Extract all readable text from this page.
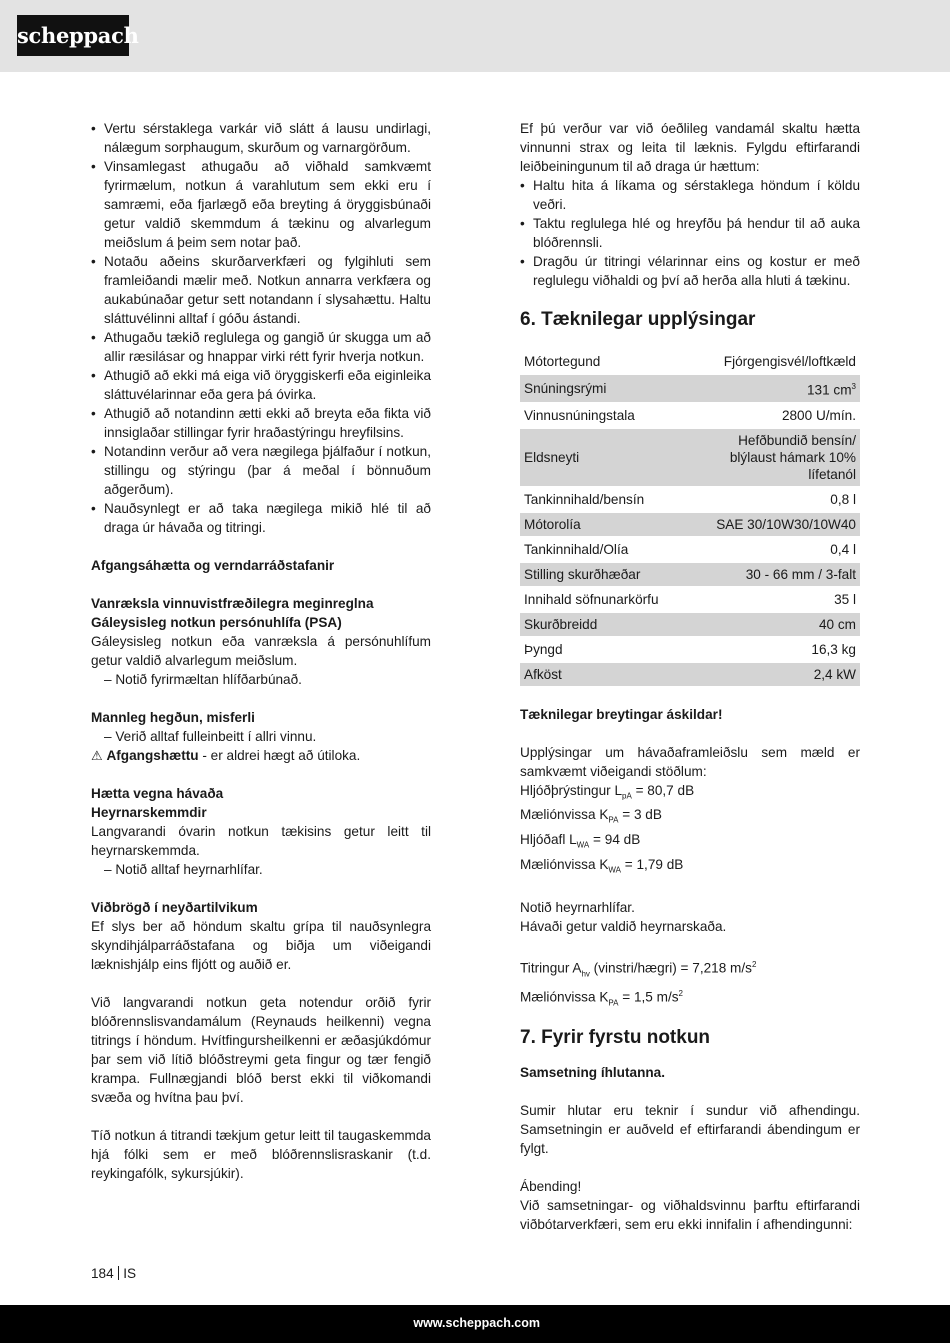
scheppach
• Vertu sérstaklega varkár við slátt á lausu undirlagi, nálægum sorphaugum, skurðum og varnargörðum.
• Vinsamlegast athugaðu að viðhald samkvæmt fyrirmælum, notkun á varahlutum sem ekki eru í samræmi, eða fjarlægð eða breyting á öryggisbúnaði getur valdið skemmdum á tækinu og alvarlegum meiðslum á þeim sem notar það.
• Notaðu aðeins skurðarverkfæri og fylgihluti sem framleiðandi mælir með. Notkun annarra verkfæra og aukabúnaðar getur sett notandann í slysahættu. Haltu sláttuvélinni alltaf í góðu ástandi.
• Athugaðu tækið reglulega og gangið úr skugga um að allir ræsilásar og hnappar virki rétt fyrir hverja notkun.
• Athugið að ekki má eiga við öryggiskerfi eða eiginleika sláttuvélarinnar eða gera þá óvirka.
• Athugið að notandinn ætti ekki að breyta eða fikta við innsiglaðar stillingar fyrir hraðastýringu hreyfilsins.
• Notandinn verður að vera nægilega þjálfaður í notkun, stillingu og stýringu (þar á meðal í bönnuðum aðgerðum).
• Nauðsynlegt er að taka nægilega mikið hlé til að draga úr hávaða og titringi.

Afgangsáhætta og verndarráðstafanir

Vanræksla vinnuvistfræðilegra meginreglna

Gáleysisleg notkun persónuhlífa (PSA)

Gáleysisleg notkun eða vanræksla á persónuhlífum getur valdið alvarlegum meiðslum.

– Notið fyrirmæltan hlífðarbúnað.

Mannleg hegðun, misferli

– Verið alltaf fulleinbeitt í allri vinnu.

⚠ Afgangshættu - er aldrei hægt að útiloka.

Hætta vegna hávaða

Heyrnarskemmdir

Langvarandi óvarin notkun tækisins getur leitt til heyrnarskemmda.

– Notið alltaf heyrnarhlífar.

Viðbrögð í neyðartilvikum

Ef slys ber að höndum skaltu grípa til nauðsynlegra skyndihjálparráðstafana og biðja um viðeigandi læknishjálp eins fljótt og auðið er.

Við langvarandi notkun geta notendur orðið fyrir blóðrennslisvandamálum (Reynauds heilkenni) vegna titrings í höndum. Hvítfingursheilkenni er æðasjúkdómur þar sem við lítið blóðstreymi geta fingur og tær fengið krampa. Fullnægjandi blóð berst ekki til viðkomandi svæða og hvítna þau því.

Tíð notkun á titrandi tækjum getur leitt til taugaskemmda hjá fólki sem er með blóðrennslisraskanir (t.d. reykingafólk, sykursjúkir).

Ef þú verður var við óeðlileg vandamál skaltu hætta vinnunni strax og leita til læknis. Fylgdu eftirfarandi leiðbeiningunum til að draga úr hættum:

• Haltu hita á líkama og sérstaklega höndum í köldu veðri.
• Taktu reglulega hlé og hreyfðu þá hendur til að auka blóðrennsli.
• Dragðu úr titringi vélarinnar eins og kostur er með reglulegu viðhaldi og því að herða alla hluti á tækinu.
6. Tæknilegar upplýsingar
Mótortegund	Fjórgengisvél/loftkæld
Snúningsrými	131 $cm^3$
Vinnusnúningstala	2800 U/mín.
Eldsneyti	Hefðbundið bensín/ blýlaust hámark 10% lífetanól
Tankinnihald/bensín	0,8 l
Mótorolía	SAE 30/10W30/10W40
Tankinnihald/Olía	0,4 l
Stilling skurðhæðar	30 - 66 mm / 3-falt
Innihald söfnunarkörfu	35 l
Skurðbreidd	40 cm
Þyngd	16,3 kg
Afköst	2,4 kW

Tæknilegar breytingar áskildar!

Upplýsingar um hávaðaframleiðslu sem mæld er samkvæmt viðeigandi stöðlum:

Hljóðþrýstingur $L_{pA} = 80,7$ dB

Mæliónvissa $K_{PA} = 3$ dB

Hljóðafl $L_{WA} = 94$ dB

Mæliónvissa $K_{WA} = 1,79$ dB

Notið heyrnarhlífar.

Hávaði getur valdið heyrnarskaða.

Titringur $A_{hv}$ (vinstri/hægri) = 7,218 $m/s^2$

Mæliónvissa $K_{PA} = 1,5$ $m/s^2$

7. Fyrir fyrstu notkun

Samsetning íhlutanna.

Sumir hlutar eru teknir í sundur við afhendingu. Samsetningin er auðveld ef eftirfarandi ábendingum er fylgt.

Ábending!

Við samsetningar- og viðhaldsvinnu þarftu eftirfarandi viðbótarverkfæri, sem eru ekki innifalin í afhendingunni:

184 IS
www.scheppach.com
